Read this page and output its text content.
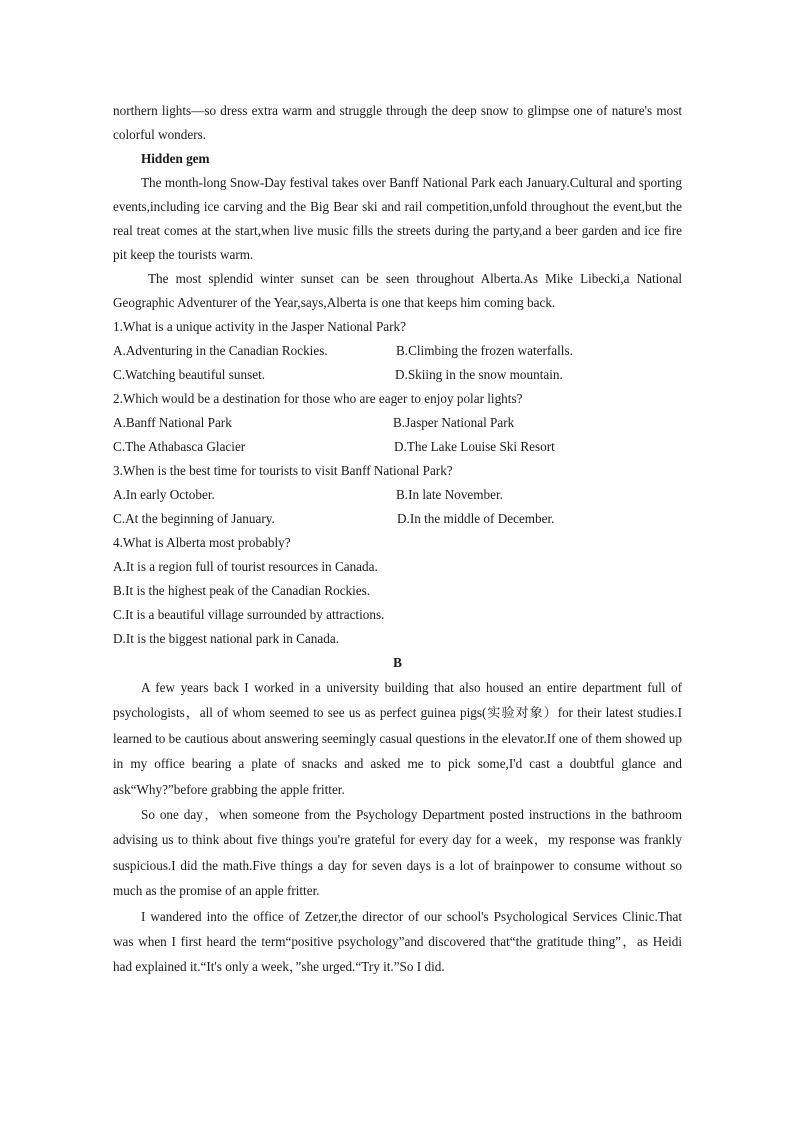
northern lights—so dress extra warm and struggle through the deep snow to glimpse one of nature's most colorful wonders.

Hidden gem

The month-long Snow-Day festival takes over Banff National Park each January.Cultural and sporting events,including ice carving and the Big Bear ski and rail competition,unfold throughout the event,but the real treat comes at the start,when live music fills the streets during the party,and a beer garden and ice fire pit keep the tourists warm.

The most splendid winter sunset can be seen throughout Alberta.As Mike Libecki,a National Geographic Adventurer of the Year,says,Alberta is one that keeps him coming back.

1.What is a unique activity in the Jasper National Park?

A.Adventuring in the Canadian Rockies.	B.Climbing the frozen waterfalls.
C.Watching beautiful sunset.	D.Skiing in the snow mountain.

2.Which would be a destination for those who are eager to enjoy polar lights?

A.Banff National Park	B.Jasper National Park
C.The Athabasca Glacier	D.The Lake Louise Ski Resort

3.When is the best time for tourists to visit Banff National Park?

A.In early October.	B.In late November.
C.At the beginning of January.	D.In the middle of December.

4.What is Alberta most probably?

A.It is a region full of tourist resources in Canada.

B.It is the highest peak of the Canadian Rockies.

C.It is a beautiful village surrounded by attractions.

D.It is the biggest national park in Canada.

B

A few years back I worked in a university building that also housed an entire department full of psychologists，all of whom seemed to see us as perfect guinea pigs(实验对象）for their latest studies.I learned to be cautious about answering seemingly casual questions in the elevator.If one of them showed up in my office bearing a plate of snacks and asked me to pick some,I'd cast a doubtful glance and ask“Why?”before grabbing the apple fritter.

So one day，when someone from the Psychology Department posted instructions in the bathroom advising us to think about five things you're grateful for every day for a week，my response was frankly suspicious.I did the math.Five things a day for seven days is a lot of brainpower to consume without so much as the promise of an apple fritter.

I wandered into the office of Zetzer,the director of our school's Psychological Services Clinic.That was when I first heard the term“positive psychology”and discovered that“the gratitude thing”，as Heidi had explained it.“It's only a week，”she urged.“Try it.”So I did.
